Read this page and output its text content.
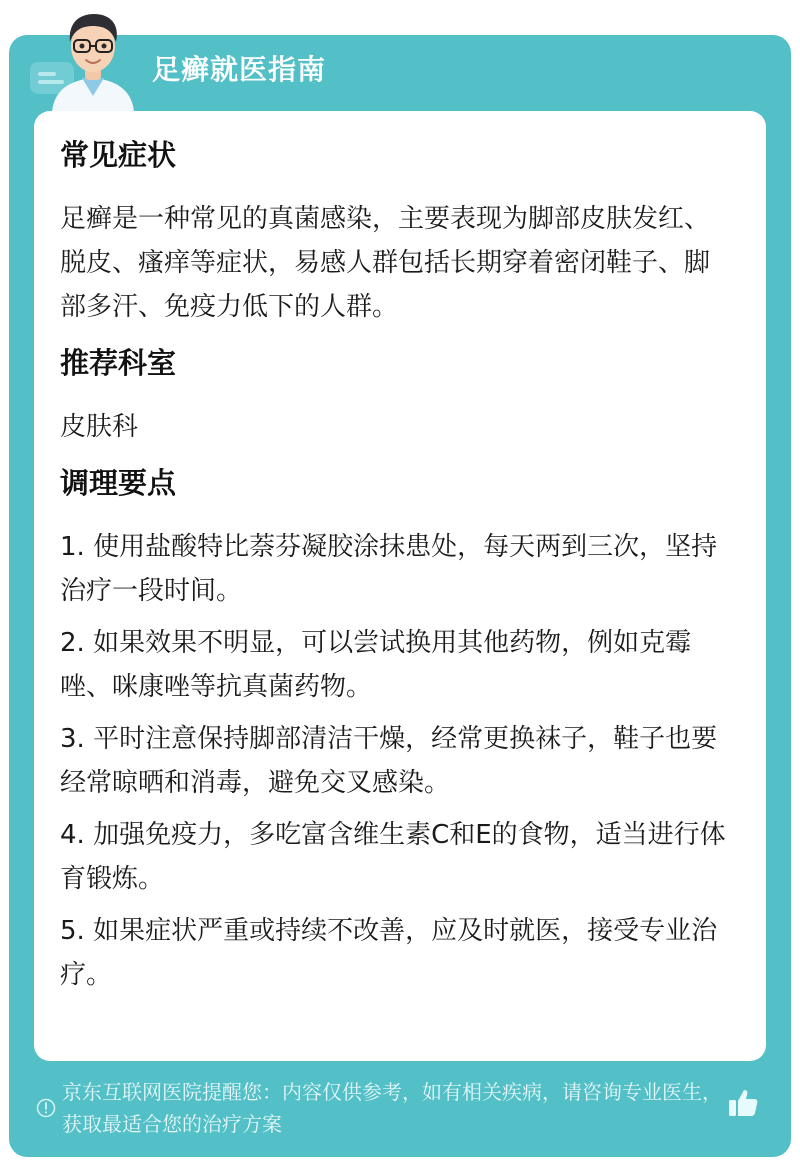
足癣就医指南
常见症状

足癣是一种常见的真菌感染，主要表现为脚部皮肤发红、脱皮、瘙痒等症状，易感人群包括长期穿着密闭鞋子、脚部多汗、免疫力低下的人群。

推荐科室

皮肤科

调理要点

1. 使用盐酸特比萘芬凝胶涂抹患处，每天两到三次，坚持治疗一段时间。

2. 如果效果不明显，可以尝试换用其他药物，例如克霉唑、咪康唑等抗真菌药物。

3. 平时注意保持脚部清洁干燥，经常更换袜子，鞋子也要经常晾晒和消毒，避免交叉感染。

4. 加强免疫力，多吃富含维生素C和E的食物，适当进行体育锻炼。

5. 如果症状严重或持续不改善，应及时就医，接受专业治疗。

京东互联网医院提醒您：内容仅供参考，如有相关疾病，请咨询专业医生，获取最适合您的治疗方案
